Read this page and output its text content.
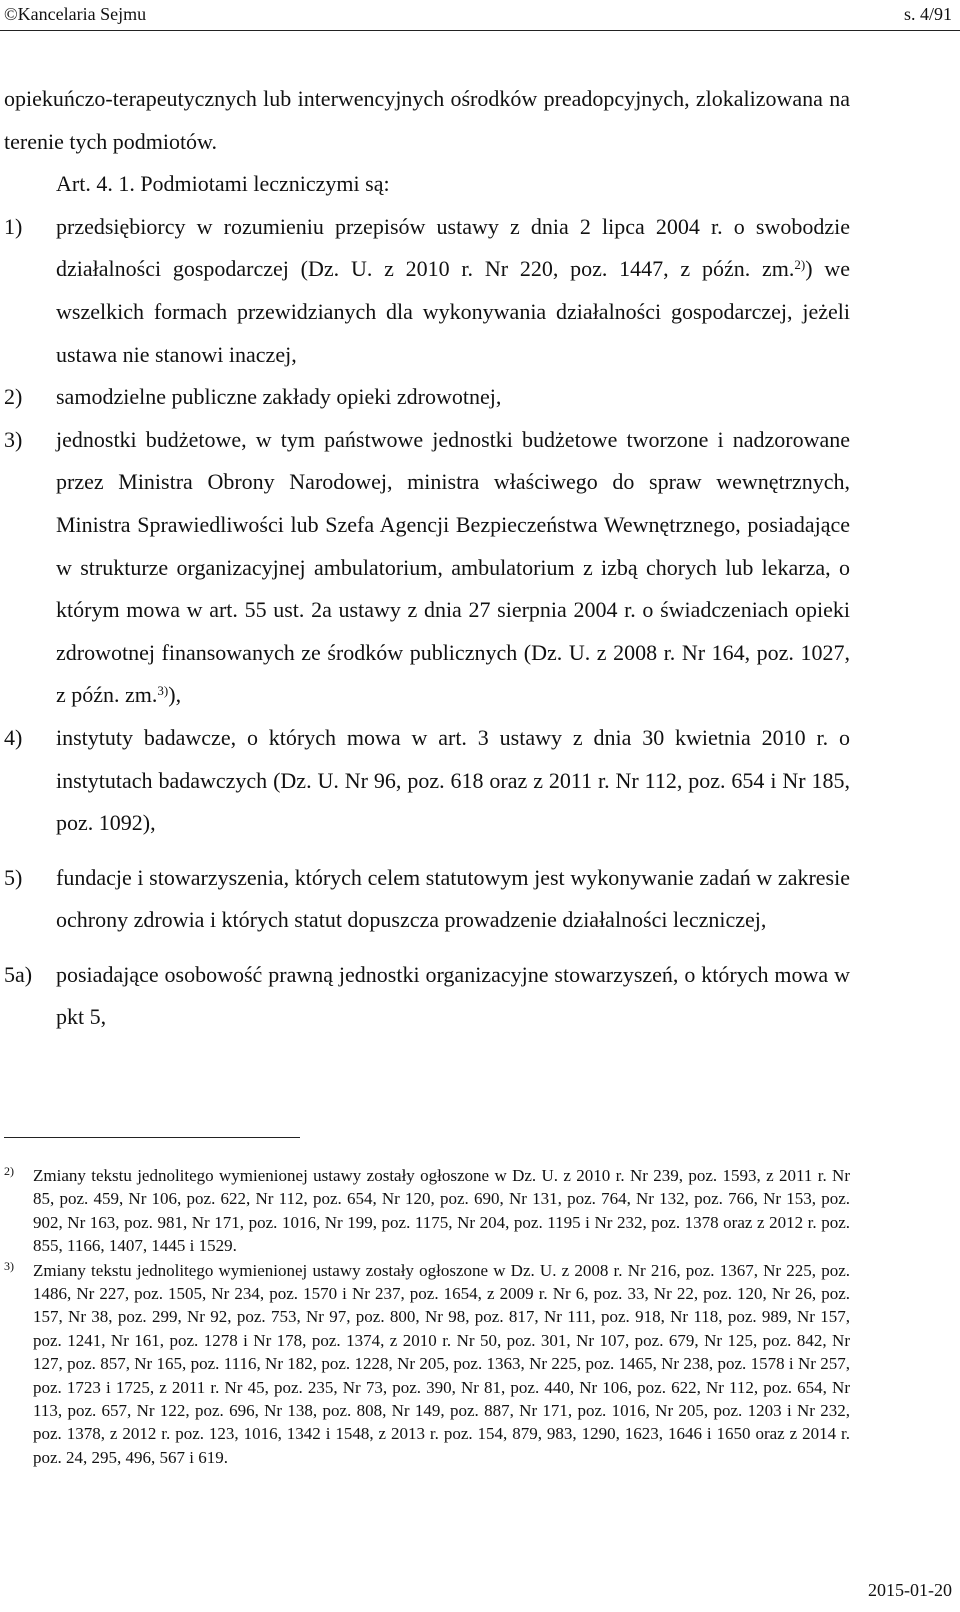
©Kancelaria Sejmu	s. 4/91

opiekuńczo-terapeutycznych lub interwencyjnych ośrodków preadopcyjnych, zlokalizowana na terenie tych podmiotów.

Art. 4. 1. Podmiotami leczniczymi są:

1) przedsiębiorcy w rozumieniu przepisów ustawy z dnia 2 lipca 2004 r. o swobodzie działalności gospodarczej (Dz. U. z 2010 r. Nr 220, poz. 1447, z późn. zm.$^{2)}$) we wszelkich formach przewidzianych dla wykonywania działalności gospodarczej, jeżeli ustawa nie stanowi inaczej,
2) samodzielne publiczne zakłady opieki zdrowotnej,
3) jednostki budżetowe, w tym państwowe jednostki budżetowe tworzone i nadzorowane przez Ministra Obrony Narodowej, ministra właściwego do spraw wewnętrznych, Ministra Sprawiedliwości lub Szefa Agencji Bezpieczeństwa Wewnętrznego, posiadające w strukturze organizacyjnej ambulatorium, ambulatorium z izbą chorych lub lekarza, o którym mowa w art. 55 ust. 2a ustawy z dnia 27 sierpnia 2004 r. o świadczeniach opieki zdrowotnej finansowanych ze środków publicznych (Dz. U. z 2008 r. Nr 164, poz. 1027, z późn. zm.$^{3)}$),
4) instytuty badawcze, o których mowa w art. 3 ustawy z dnia 30 kwietnia 2010 r. o instytutach badawczych (Dz. U. Nr 96, poz. 618 oraz z 2011 r. Nr 112, poz. 654 i Nr 185, poz. 1092),
5) fundacje i stowarzyszenia, których celem statutowym jest wykonywanie zadań w zakresie ochrony zdrowia i których statut dopuszcza prowadzenie działalności leczniczej,
5a) posiadające osobowość prawną jednostki organizacyjne stowarzyszeń, o których mowa w pkt 5,
2) Zmiany tekstu jednolitego wymienionej ustawy zostały ogłoszone w Dz. U. z 2010 r. Nr 239, poz. 1593, z 2011 r. Nr 85, poz. 459, Nr 106, poz. 622, Nr 112, poz. 654, Nr 120, poz. 690, Nr 131, poz. 764, Nr 132, poz. 766, Nr 153, poz. 902, Nr 163, poz. 981, Nr 171, poz. 1016, Nr 199, poz. 1175, Nr 204, poz. 1195 i Nr 232, poz. 1378 oraz z 2012 r. poz. 855, 1166, 1407, 1445 i 1529.
3) Zmiany tekstu jednolitego wymienionej ustawy zostały ogłoszone w Dz. U. z 2008 r. Nr 216, poz. 1367, Nr 225, poz. 1486, Nr 227, poz. 1505, Nr 234, poz. 1570 i Nr 237, poz. 1654, z 2009 r. Nr 6, poz. 33, Nr 22, poz. 120, Nr 26, poz. 157, Nr 38, poz. 299, Nr 92, poz. 753, Nr 97, poz. 800, Nr 98, poz. 817, Nr 111, poz. 918, Nr 118, poz. 989, Nr 157, poz. 1241, Nr 161, poz. 1278 i Nr 178, poz. 1374, z 2010 r. Nr 50, poz. 301, Nr 107, poz. 679, Nr 125, poz. 842, Nr 127, poz. 857, Nr 165, poz. 1116, Nr 182, poz. 1228, Nr 205, poz. 1363, Nr 225, poz. 1465, Nr 238, poz. 1578 i Nr 257, poz. 1723 i 1725, z 2011 r. Nr 45, poz. 235, Nr 73, poz. 390, Nr 81, poz. 440, Nr 106, poz. 622, Nr 112, poz. 654, Nr 113, poz. 657, Nr 122, poz. 696, Nr 138, poz. 808, Nr 149, poz. 887, Nr 171, poz. 1016, Nr 205, poz. 1203 i Nr 232, poz. 1378, z 2012 r. poz. 123, 1016, 1342 i 1548, z 2013 r. poz. 154, 879, 983, 1290, 1623, 1646 i 1650 oraz z 2014 r. poz. 24, 295, 496, 567 i 619.
2015-01-20
